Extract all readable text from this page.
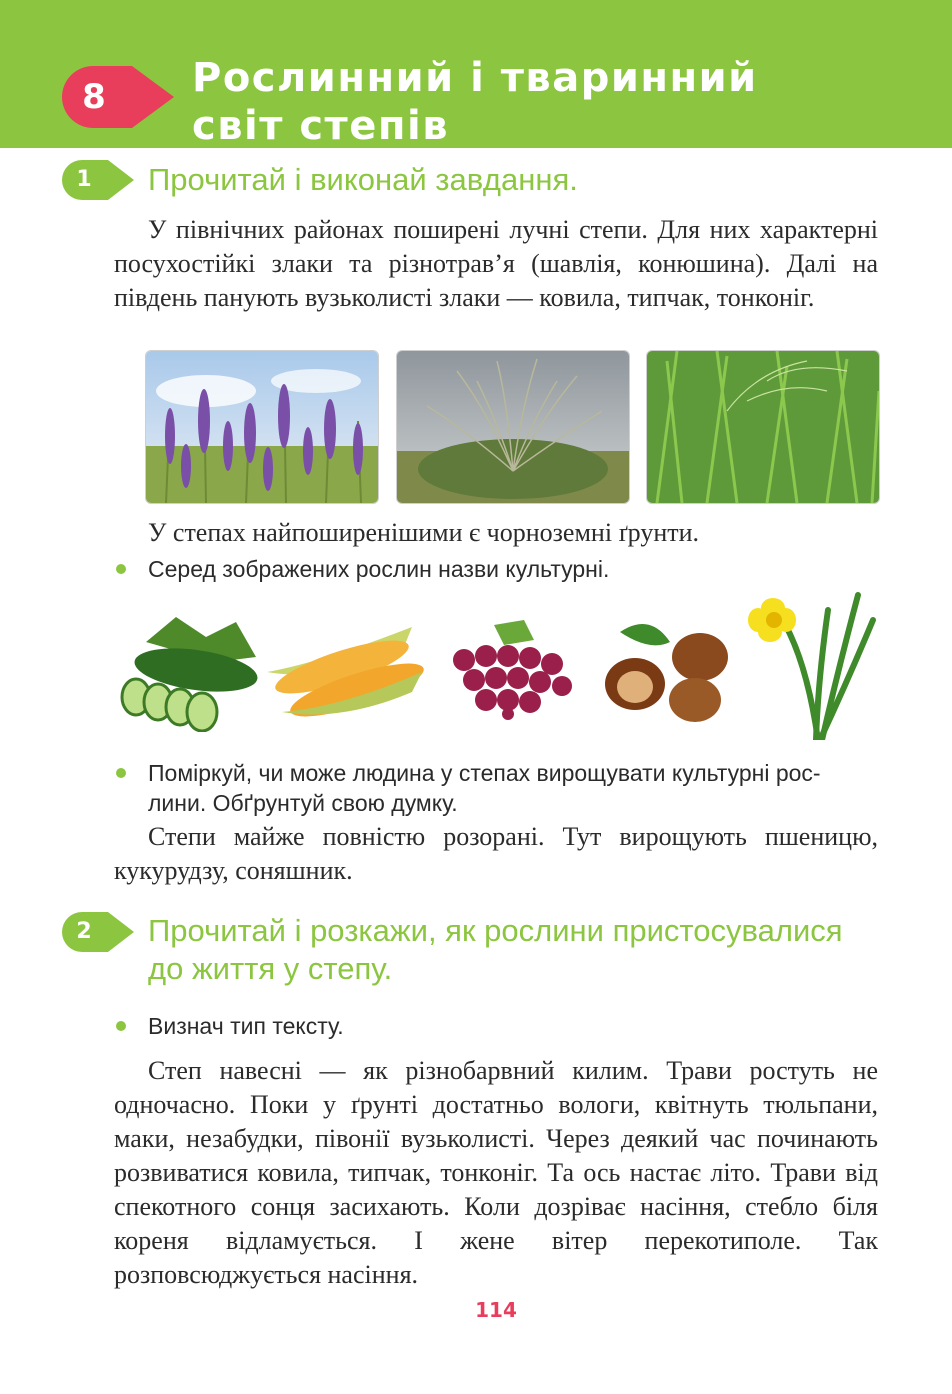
8	Рослинний і тваринний
світ степів
1	Прочитай і виконай завдання.

У північних районах поширені лучні степи. Для них характерні посухостійкі злаки та різнотрав’я (шавлія, конюшина). Далі на південь панують вузьколисті злаки — ковила, типчак, тонконіг.

У степах найпоширенішими є чорноземні ґрунти.

Серед зображених рослин назви культурні.
Поміркуй, чи може людина у степах вирощувати культурні рос-
лини. Обґрунтуй свою думку.

Степи майже повністю розорані. Тут вирощують пшеницю, кукурудзу, соняшник.

2	Прочитай і розкажи, як рослини пристосувалися
до життя у степу.
Визнач тип тексту.

Степ навесні — як різнобарвний килим. Трави ростуть не одночасно. Поки у ґрунті достатньо вологи, квітнуть тюльпани, маки, незабудки, півонії вузьколисті. Через деякий час починають розвиватися ковила, типчак, тонконіг. Та ось настає літо. Трави від спекотного сонця засихають. Коли дозріває насіння, стебло біля кореня відламується. І жене вітер перекотиполе. Так розповсюджується насіння.

114
